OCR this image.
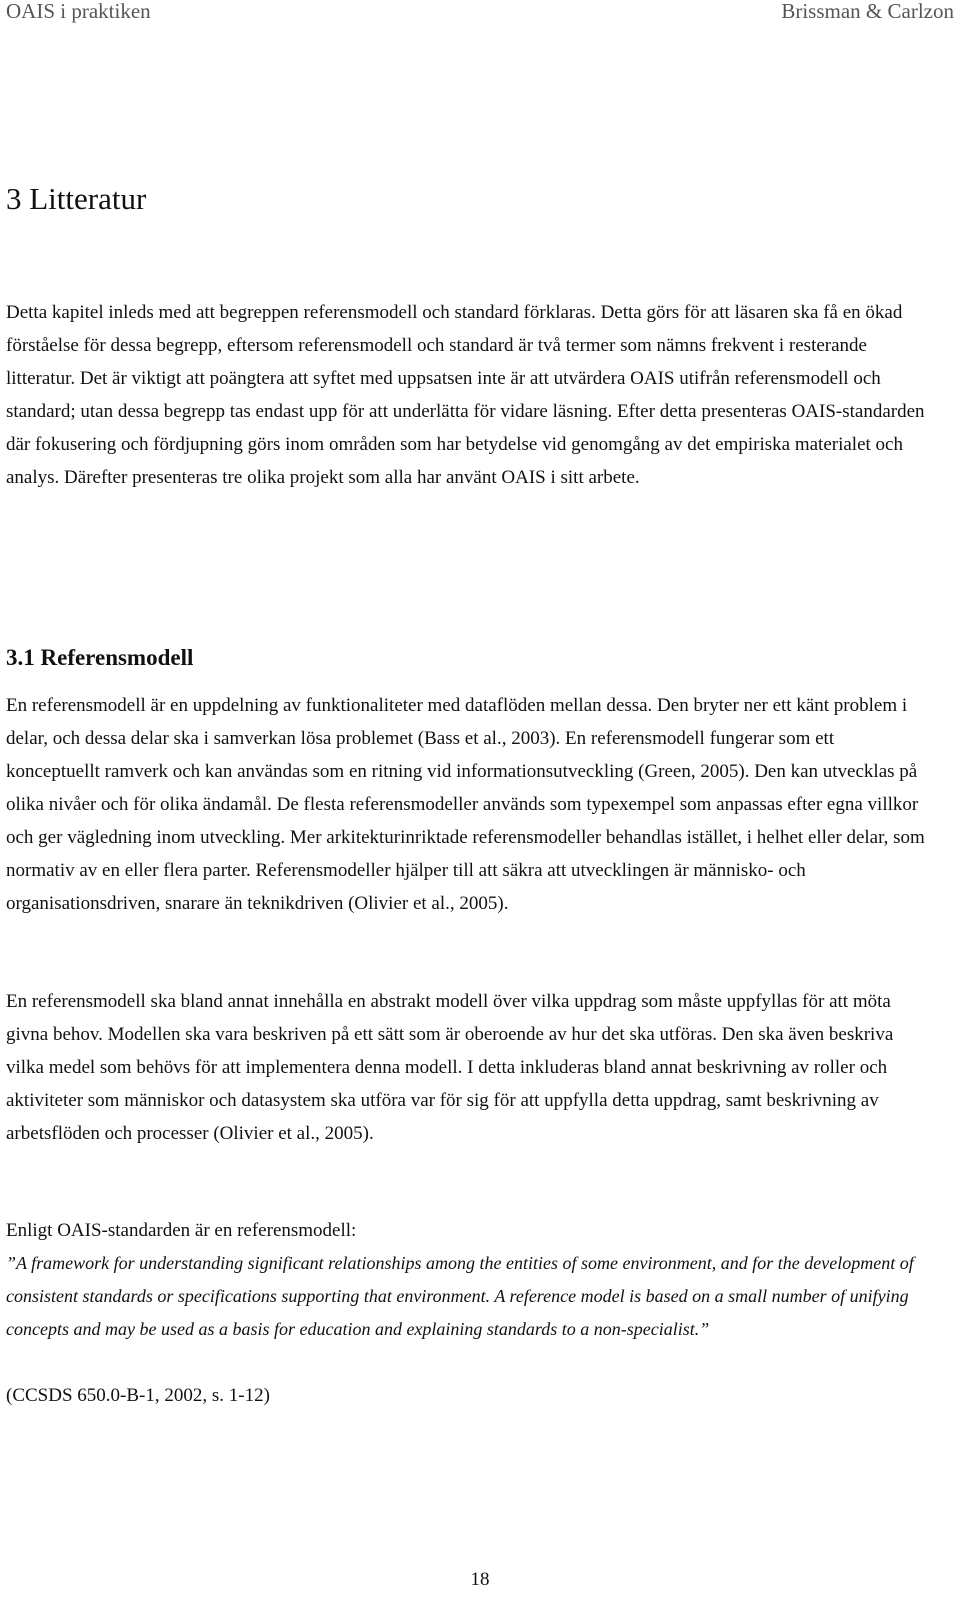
OAIS i praktiken	Brissman & Carlzon
3 Litteratur

Detta kapitel inleds med att begreppen referensmodell och standard förklaras. Detta görs för att läsaren ska få en ökad förståelse för dessa begrepp, eftersom referensmodell och standard är två termer som nämns frekvent i resterande litteratur. Det är viktigt att poängtera att syftet med uppsatsen inte är att utvärdera OAIS utifrån referensmodell och standard; utan dessa begrepp tas endast upp för att underlätta för vidare läsning. Efter detta presenteras OAIS-standarden där fokusering och fördjupning görs inom områden som har betydelse vid genomgång av det empiriska materialet och analys. Därefter presenteras tre olika projekt som alla har använt OAIS i sitt arbete.

3.1 Referensmodell

En referensmodell är en uppdelning av funktionaliteter med dataflöden mellan dessa. Den bryter ner ett känt problem i delar, och dessa delar ska i samverkan lösa problemet (Bass et al., 2003). En referensmodell fungerar som ett konceptuellt ramverk och kan användas som en ritning vid informationsutveckling (Green, 2005). Den kan utvecklas på olika nivåer och för olika ändamål. De flesta referensmodeller används som typexempel som anpassas efter egna villkor och ger vägledning inom utveckling. Mer arkitekturinriktade referensmodeller behandlas istället, i helhet eller delar, som normativ av en eller flera parter. Referensmodeller hjälper till att säkra att utvecklingen är människo- och organisationsdriven, snarare än teknikdriven (Olivier et al., 2005).

En referensmodell ska bland annat innehålla en abstrakt modell över vilka uppdrag som måste uppfyllas för att möta givna behov. Modellen ska vara beskriven på ett sätt som är oberoende av hur det ska utföras. Den ska även beskriva vilka medel som behövs för att implementera denna modell. I detta inkluderas bland annat beskrivning av roller och aktiviteter som människor och datasystem ska utföra var för sig för att uppfylla detta uppdrag, samt beskrivning av arbetsflöden och processer (Olivier et al., 2005).

Enligt OAIS-standarden är en referensmodell:

”A framework for understanding significant relationships among the entities of some environment, and for the development of consistent standards or specifications supporting that environment. A reference model is based on a small number of unifying concepts and may be used as a basis for education and explaining standards to a non-specialist.”

(CCSDS 650.0-B-1, 2002, s. 1-12)

18
